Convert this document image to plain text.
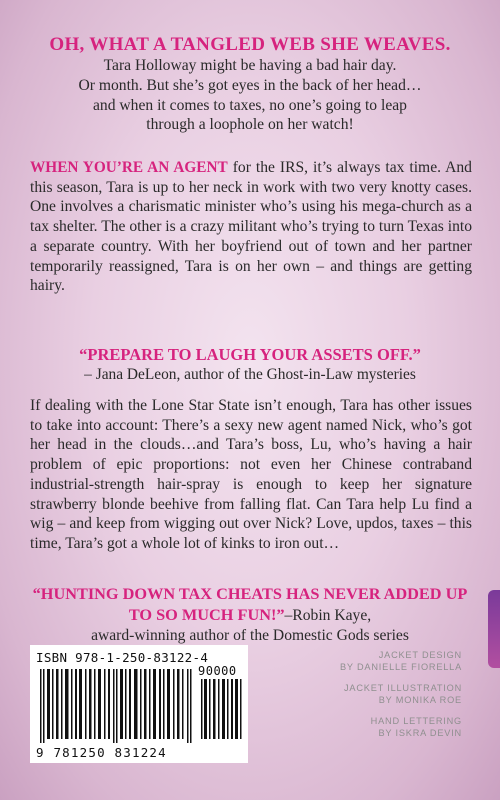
OH, WHAT A TANGLED WEB SHE WEAVES.

Tara Holloway might be having a bad hair day.
Or month. But she’s got eyes in the back of her head…
and when it comes to taxes, no one’s going to leap
through a loophole on her watch!

WHEN YOU’RE AN AGENT for the IRS, it’s always tax time. And this season, Tara is up to her neck in work with two very knotty cases. One involves a charismatic minister who’s using his mega-church as a tax shelter. The other is a crazy militant who’s trying to turn Texas into a separate country. With her boyfriend out of town and her partner temporarily reassigned, Tara is on her own – and things are getting hairy.

“PREPARE TO LAUGH YOUR ASSETS OFF.”
– Jana DeLeon, author of the Ghost-in-Law mysteries

If dealing with the Lone Star State isn’t enough, Tara has other issues to take into account: There’s a sexy new agent named Nick, who’s got her head in the clouds…and Tara’s boss, Lu, who’s having a hair problem of epic proportions: not even her Chinese contraband industrial-strength hair-spray is enough to keep her signature strawberry blonde beehive from falling flat. Can Tara help Lu find a wig – and keep from wigging out over Nick? Love, updos, taxes – this time, Tara’s got a whole lot of kinks to iron out…

“HUNTING DOWN TAX CHEATS HAS NEVER ADDED UP TO SO MUCH FUN!”–Robin Kaye,
award-winning author of the Domestic Gods series

ISBN 978-1-250-83122-4
90000
9 781250 831224
JACKET DESIGN
BY DANIELLE FIORELLA
JACKET ILLUSTRATION
BY MONIKA ROE
HAND LETTERING
BY ISKRA DEVIN
